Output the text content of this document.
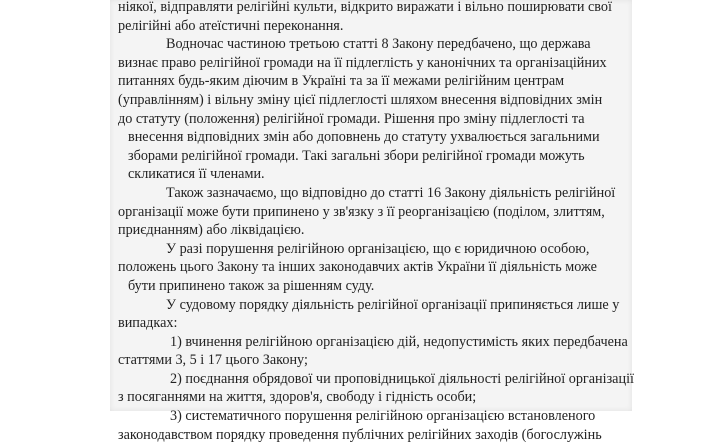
ніякої, відправляти релігійні культи, відкрито виражати і вільно поширювати свої
релігійні або атеїстичні переконання.
Водночас частиною третьою статті 8 Закону передбачено, що держава
визнає право релігійної громади на її підлеглість у канонічних та організаційних
питаннях будь-яким діючим в Україні та за її межами релігійним центрам
(управлінням) і вільну зміну цієї підлеглості шляхом внесення відповідних змін
до статуту (положення) релігійної громади. Рішення про зміну підлеглості та
внесення відповідних змін або доповнень до статуту ухвалюється загальними
зборами релігійної громади. Такі загальні збори релігійної громади можуть
скликатися її членами.
Також зазначаємо, що відповідно до статті 16 Закону діяльність релігійної
організації може бути припинено у зв'язку з її реорганізацією (поділом, злиттям,
приєднанням) або ліквідацією.
У разі порушення релігійною організацією, що є юридичною особою,
положень цього Закону та інших законодавчих актів України її діяльність може
бути припинено також за рішенням суду.
У судовому порядку діяльність релігійної організації припиняється лише у
випадках:
1) вчинення релігійною організацією дій, недопустимість яких передбачена
статтями 3, 5 і 17 цього Закону;
2) поєднання обрядової чи проповідницької діяльності релігійної організації
з посяганнями на життя, здоров'я, свободу і гідність особи;
3) систематичного порушення релігійною організацією встановленого
законодавством порядку проведення публічних релігійних заходів (богослужінь
